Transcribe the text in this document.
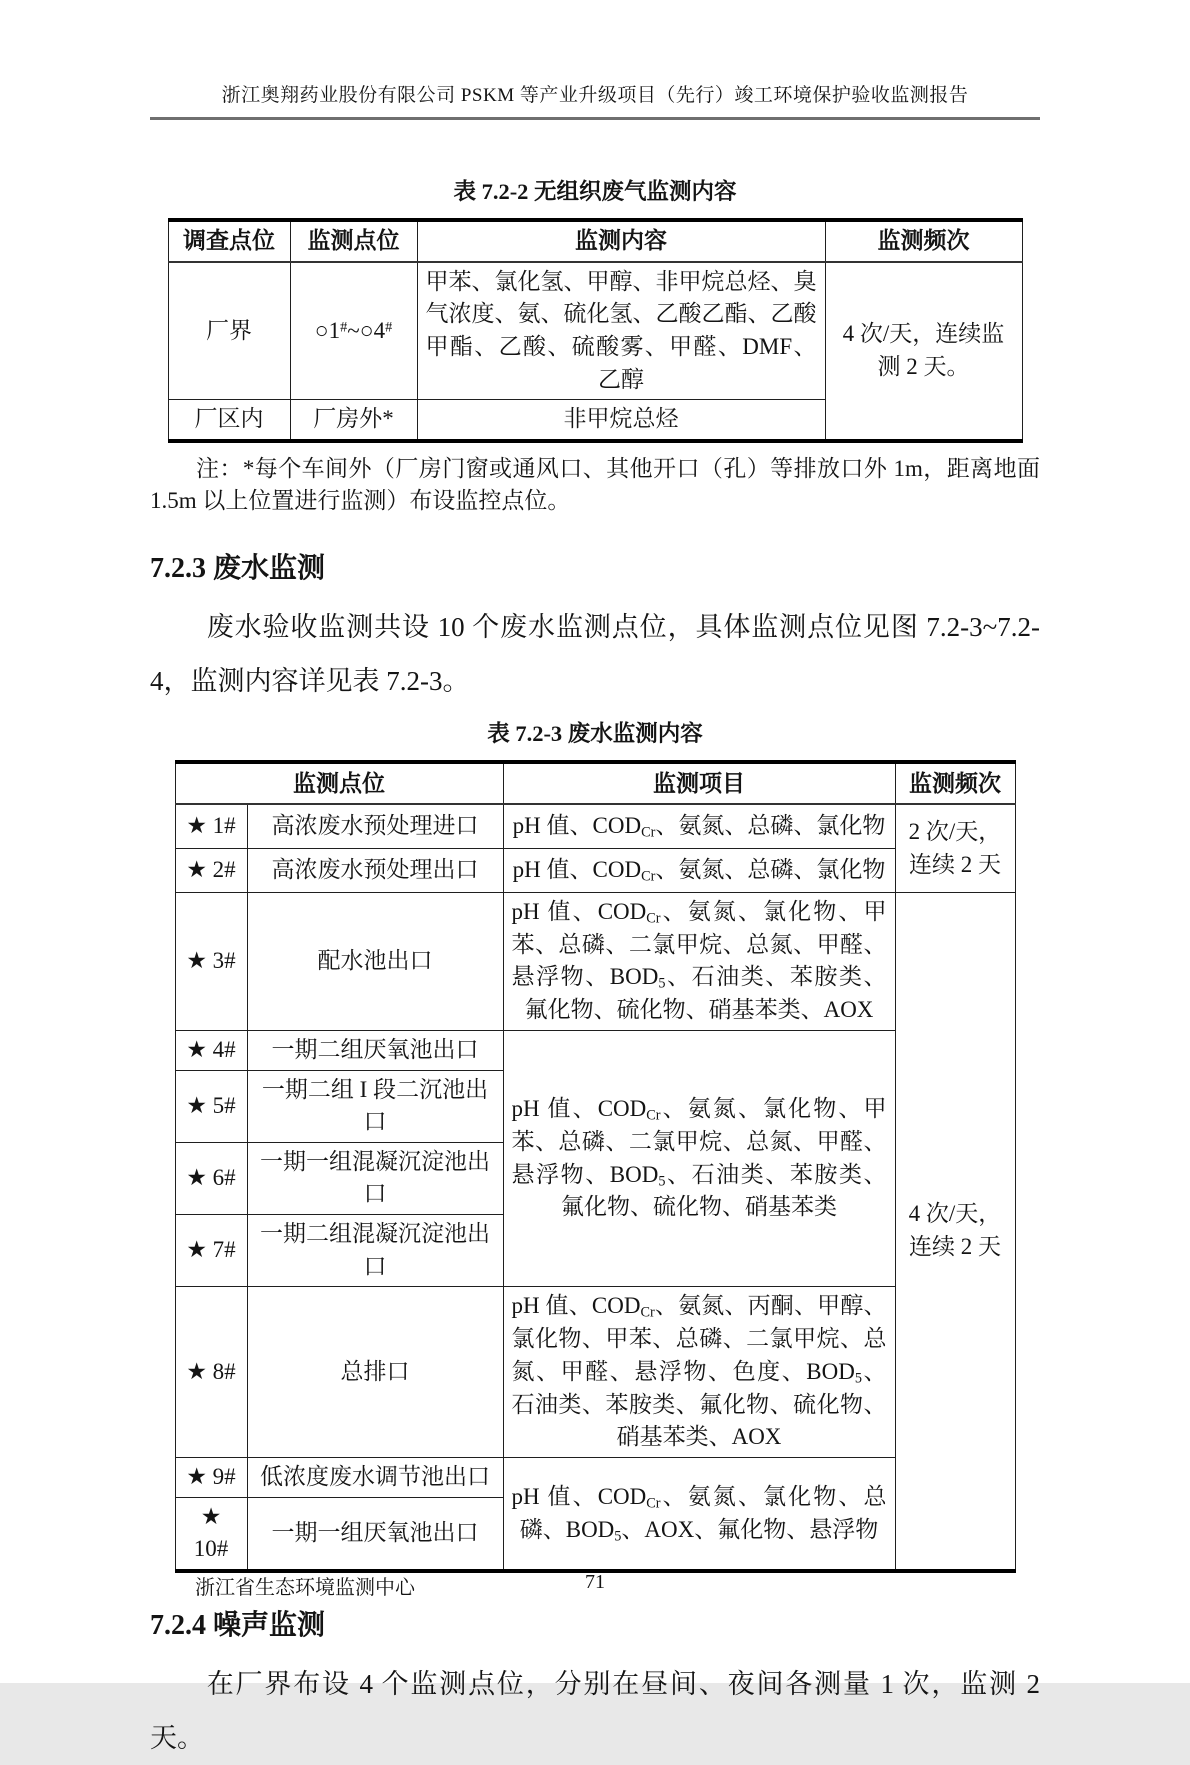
浙江奥翔药业股份有限公司 PSKM 等产业升级项目（先行）竣工环境保护验收监测报告
表 7.2-2 无组织废气监测内容
调查点位	监测点位	监测内容	监测频次
厂界	○1#~○4#	甲苯、氯化氢、甲醇、非甲烷总烃、臭气浓度、氨、硫化氢、乙酸乙酯、乙酸甲酯、乙酸、硫酸雾、甲醛、DMF、乙醇	4 次/天，连续监测 2 天。
厂区内	厂房外*	非甲烷总烃	

注：*每个车间外（厂房门窗或通风口、其他开口（孔）等排放口外 1m，距离地面 1.5m 以上位置进行监测）布设监控点位。

7.2.3 废水监测

废水验收监测共设 10 个废水监测点位，具体监测点位见图 7.2-3~7.2-4，监测内容详见表 7.2-3。

表 7.2-3 废水监测内容
监测点位		监测项目	监测频次
★ 1#	高浓废水预处理进口	pH 值、$COD_{Cr}$、氨氮、总磷、氯化物	2 次/天，连续 2 天
★ 2#	高浓废水预处理出口	pH 值、$COD_{Cr}$、氨氮、总磷、氯化物	
★ 3#	配水池出口	pH 值、$COD_{Cr}$、氨氮、氯化物、甲苯、总磷、二氯甲烷、总氮、甲醛、悬浮物、$BOD_5$、石油类、苯胺类、氟化物、硫化物、硝基苯类、AOX	4 次/天，连续 2 天
★ 4#	一期二组厌氧池出口	pH 值、$COD_{Cr}$、氨氮、氯化物、甲苯、总磷、二氯甲烷、总氮、甲醛、悬浮物、$BOD_5$、石油类、苯胺类、氟化物、硫化物、硝基苯类	
★ 5#	一期二组 I 段二沉池出口		
★ 6#	一期一组混凝沉淀池出口		
★ 7#	一期二组混凝沉淀池出口		
★ 8#	总排口	pH 值、$COD_{Cr}$、氨氮、丙酮、甲醇、氯化物、甲苯、总磷、二氯甲烷、总氮、甲醛、悬浮物、色度、$BOD_5$、石油类、苯胺类、氟化物、硫化物、硝基苯类、AOX	
★ 9#	低浓度废水调节池出口	pH 值、$COD_{Cr}$、氨氮、氯化物、总磷、$BOD_5$、AOX、氟化物、悬浮物	
★ 10#	一期一组厌氧池出口		
7.2.4 噪声监测

在厂界布设 4 个监测点位，分别在昼间、夜间各测量 1 次，监测 2 天。

浙江省生态环境监测中心	71
